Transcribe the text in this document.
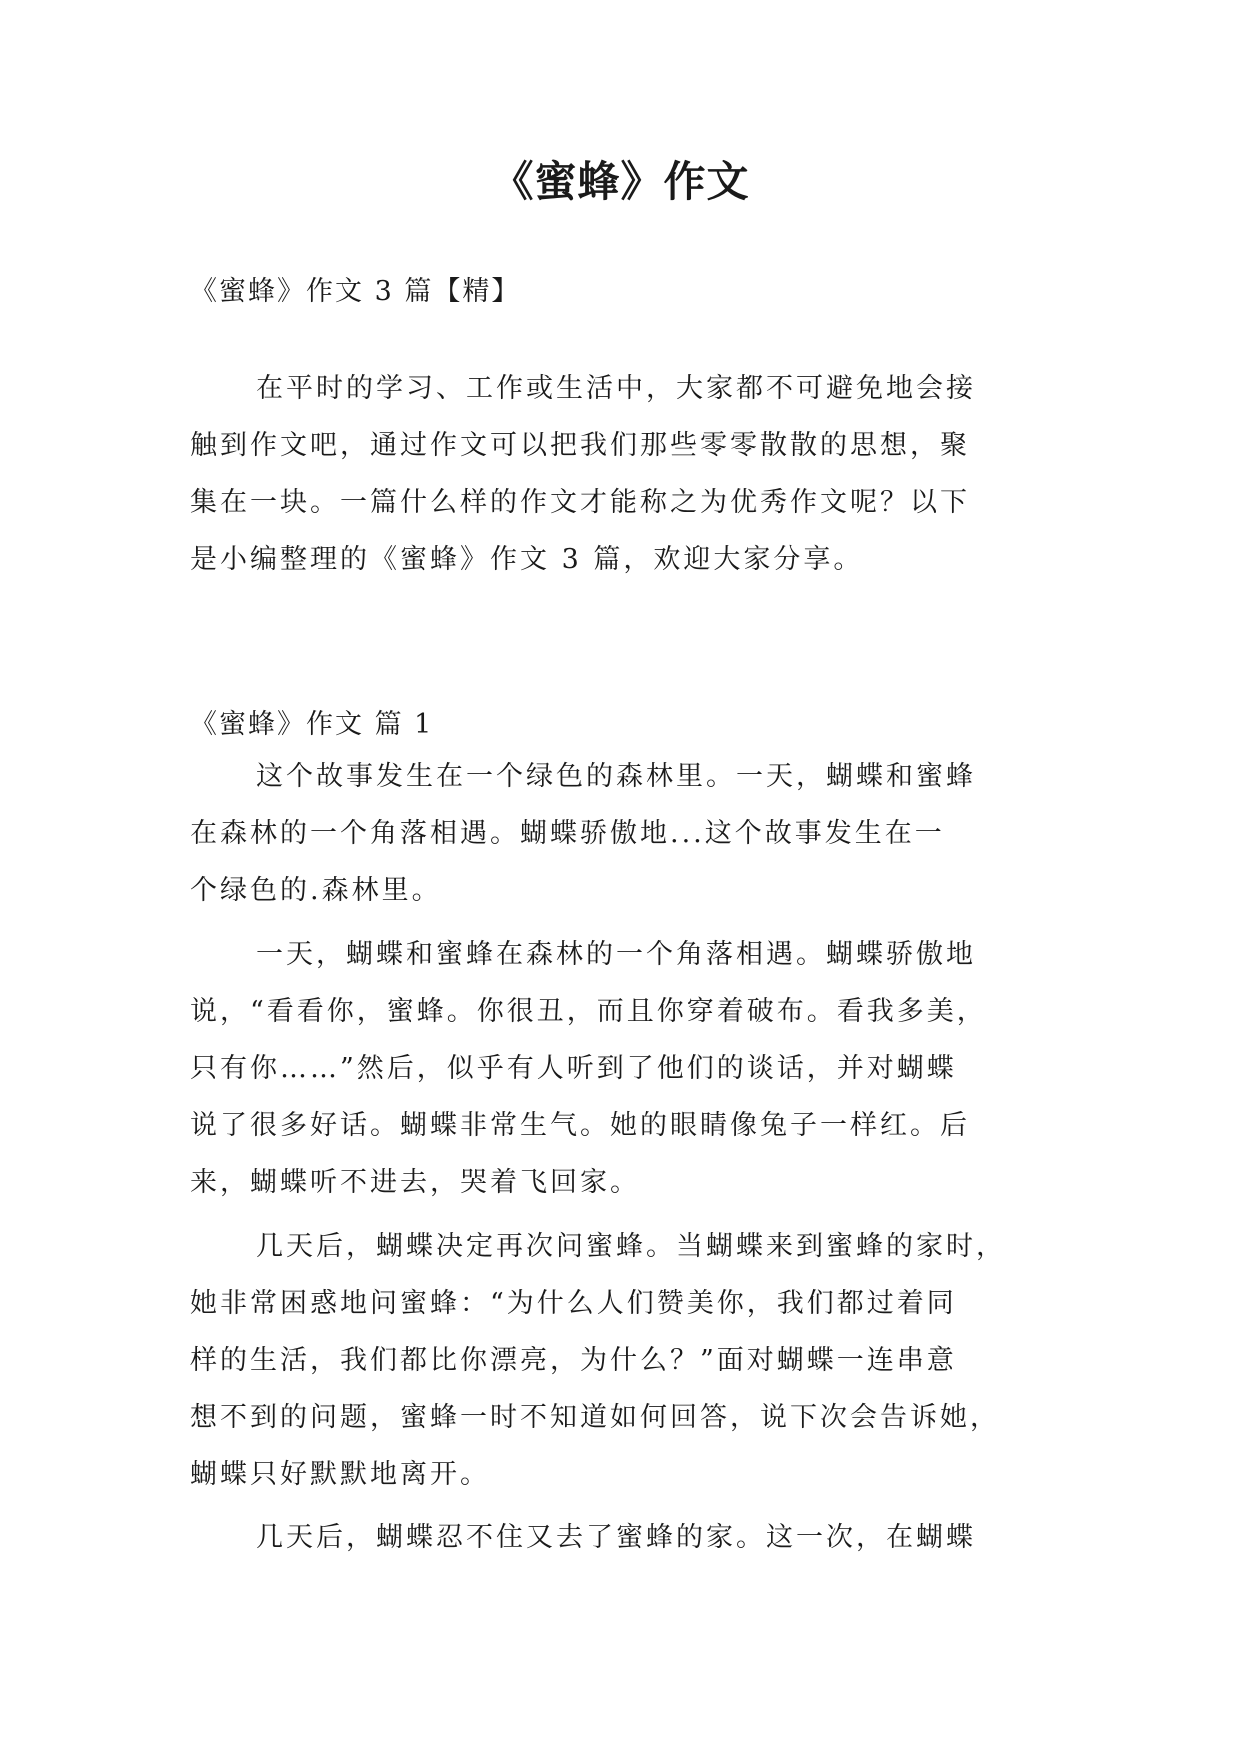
《蜜蜂》作文
《蜜蜂》作文 3 篇【精】
在平时的学习、工作或生活中，大家都不可避免地会接
触到作文吧，通过作文可以把我们那些零零散散的思想，聚
集在一块。一篇什么样的作文才能称之为优秀作文呢？以下
是小编整理的《蜜蜂》作文 3 篇，欢迎大家分享。
《蜜蜂》作文 篇 1
这个故事发生在一个绿色的森林里。一天，蝴蝶和蜜蜂
在森林的一个角落相遇。蝴蝶骄傲地...这个故事发生在一
个绿色的.森林里。
一天，蝴蝶和蜜蜂在森林的一个角落相遇。蝴蝶骄傲地
说，“看看你，蜜蜂。你很丑，而且你穿着破布。看我多美，
只有你……”然后，似乎有人听到了他们的谈话，并对蝴蝶
说了很多好话。蝴蝶非常生气。她的眼睛像兔子一样红。后
来，蝴蝶听不进去，哭着飞回家。
几天后，蝴蝶决定再次问蜜蜂。当蝴蝶来到蜜蜂的家时，
她非常困惑地问蜜蜂：“为什么人们赞美你，我们都过着同
样的生活，我们都比你漂亮，为什么？”面对蝴蝶一连串意
想不到的问题，蜜蜂一时不知道如何回答，说下次会告诉她，
蝴蝶只好默默地离开。
几天后，蝴蝶忍不住又去了蜜蜂的家。这一次，在蝴蝶
